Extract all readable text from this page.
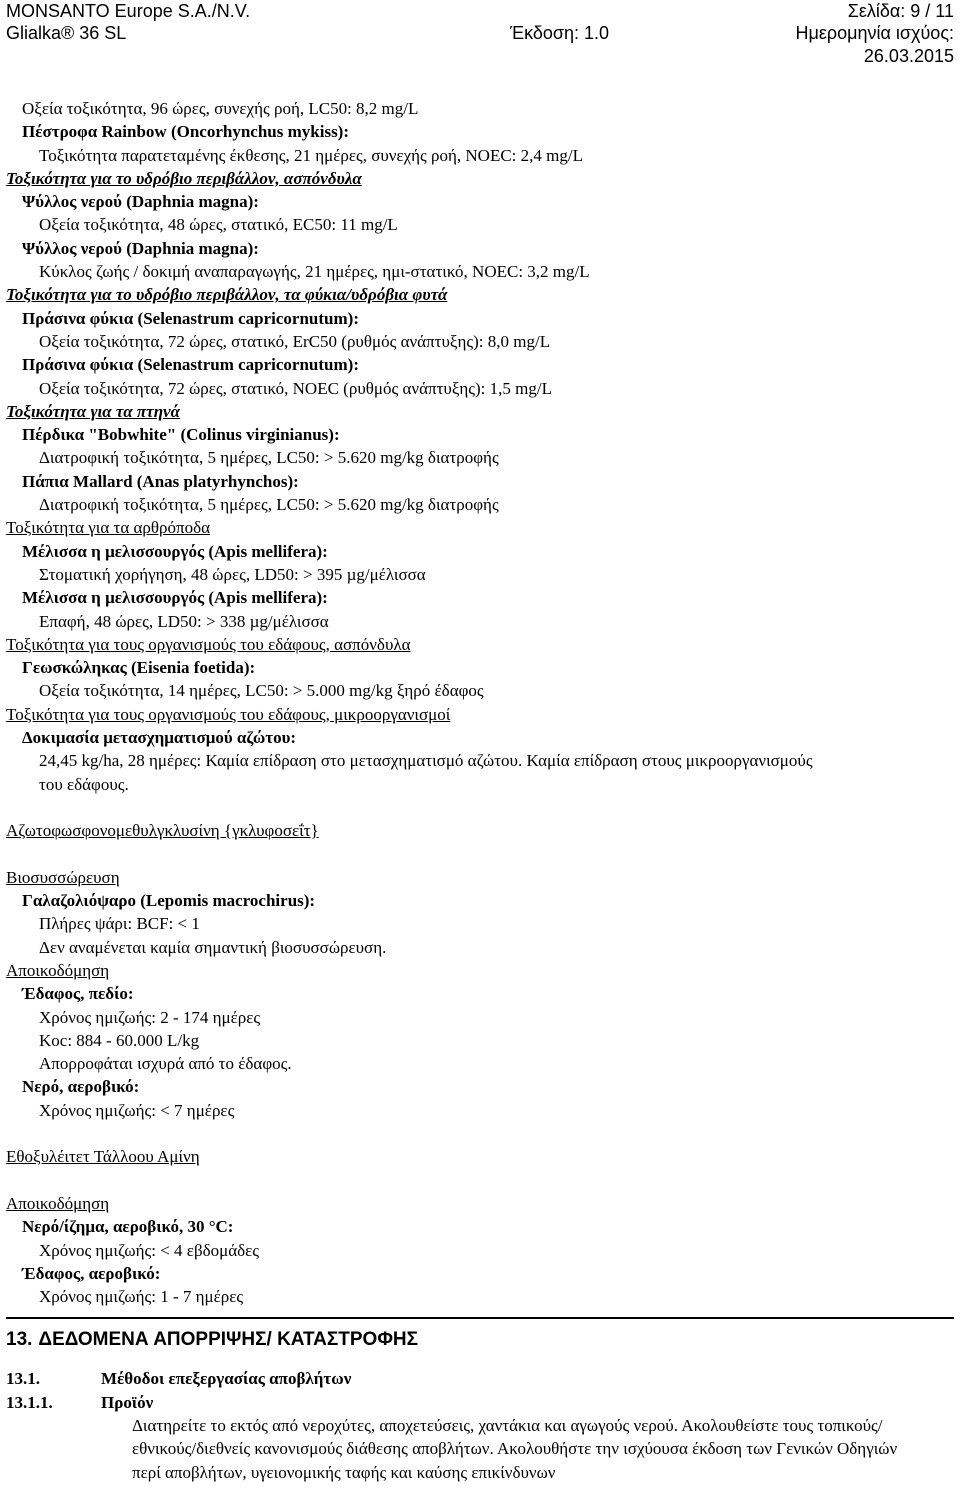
MONSANTO Europe S.A./N.V.	Σελίδα: 9 / 11
Glialka® 36 SL	Έκδοση: 1.0	Ημερομηνία ισχύος:
26.03.2015
Οξεία τοξικότητα, 96 ώρες, συνεχής ροή, LC50: 8,2 mg/L
Πέστροφα Rainbow (Oncorhynchus mykiss):
Τοξικότητα παρατεταμένης έκθεσης, 21 ημέρες, συνεχής ροή, NOEC: 2,4 mg/L
Τοξικότητα για το υδρόβιο περιβάλλον, ασπόνδυλα
Ψύλλος νερού (Daphnia magna):
Οξεία τοξικότητα, 48 ώρες, στατικό, EC50: 11 mg/L
Ψύλλος νερού (Daphnia magna):
Κύκλος ζωής / δοκιμή αναπαραγωγής, 21 ημέρες, ημι-στατικό, NOEC: 3,2 mg/L
Τοξικότητα για το υδρόβιο περιβάλλον, τα φύκια/υδρόβια φυτά
Πράσινα φύκια (Selenastrum capricornutum):
Οξεία τοξικότητα, 72 ώρες, στατικό, ErC50 (ρυθμός ανάπτυξης): 8,0 mg/L
Πράσινα φύκια (Selenastrum capricornutum):
Οξεία τοξικότητα, 72 ώρες, στατικό, NOEC (ρυθμός ανάπτυξης): 1,5 mg/L
Τοξικότητα για τα πτηνά
Πέρδικα "Bobwhite" (Colinus virginianus):
Διατροφική τοξικότητα, 5 ημέρες, LC50: > 5.620 mg/kg διατροφής
Πάπια Mallard (Anas platyrhynchos):
Διατροφική τοξικότητα, 5 ημέρες, LC50: > 5.620 mg/kg διατροφής
Τοξικότητα για τα αρθρόποδα
Μέλισσα η μελισσουργός (Apis mellifera):
Στοματική χορήγηση, 48 ώρες, LD50: > 395 µg/μέλισσα
Μέλισσα η μελισσουργός (Apis mellifera):
Επαφή, 48 ώρες, LD50: > 338 µg/μέλισσα
Τοξικότητα για τους οργανισμούς του εδάφους, ασπόνδυλα
Γεωσκώληκας (Eisenia foetida):
Οξεία τοξικότητα, 14 ημέρες, LC50: > 5.000 mg/kg ξηρό έδαφος
Τοξικότητα για τους οργανισμούς του εδάφους, μικροοργανισμοί
Δοκιμασία μετασχηματισμού αζώτου:
24,45 kg/ha, 28 ημέρες: Καμία επίδραση στο μετασχηματισμό αζώτου. Καμία επίδραση στους μικροοργανισμούς του εδάφους.
Αζωτοφωσφονομεθυλγκλυσίνη {γκλυφοσεΐτ}
Βιοσυσσώρευση
Γαλαζολιόψαρο (Lepomis macrochirus):
Πλήρες ψάρι: BCF: < 1
Δεν αναμένεται καμία σημαντική βιοσυσσώρευση.
Αποικοδόμηση
Έδαφος, πεδίο:
Χρόνος ημιζωής: 2 - 174 ημέρες
Koc: 884 - 60.000 L/kg
Απορροφάται ισχυρά από το έδαφος.
Νερό, αεροβικό:
Χρόνος ημιζωής: < 7 ημέρες
Εθοξυλέιτετ Τάλλοου Αμίνη
Αποικοδόμηση
Νερό/ίζημα, αεροβικό, 30 °C:
Χρόνος ημιζωής: < 4 εβδομάδες
Έδαφος, αεροβικό:
Χρόνος ημιζωής: 1 - 7 ημέρες
13. ΔΕΔΟΜΕΝΑ ΑΠΟΡΡΙΨΗΣ/ ΚΑΤΑΣΤΡΟΦΗΣ
13.1.	Μέθοδοι επεξεργασίας αποβλήτων
13.1.1.	Προϊόν
Διατηρείτε το εκτός από νεροχύτες, αποχετεύσεις, χαντάκια και αγωγούς νερού. Ακολουθείστε τους τοπικούς/εθνικούς/διεθνείς κανονισμούς διάθεσης αποβλήτων. Ακολουθήστε την ισχύουσα έκδοση των Γενικών Οδηγιών περί αποβλήτων, υγειονομικής ταφής και καύσης επικίνδυνων
